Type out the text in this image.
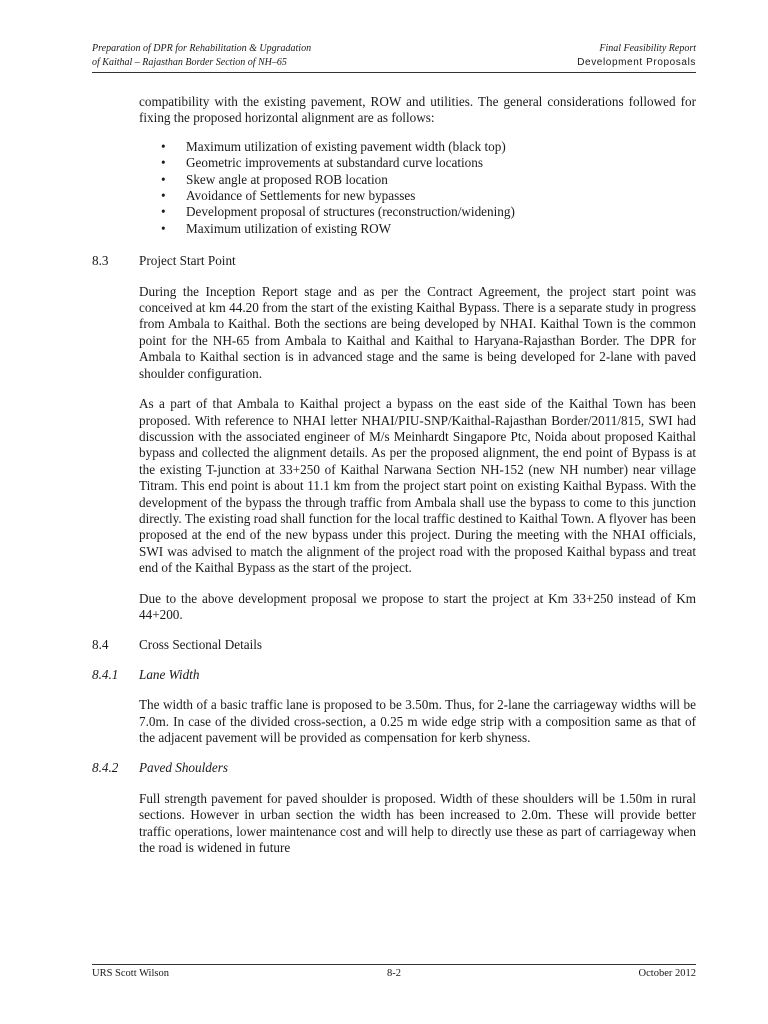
Preparation of DPR for Rehabilitation & Upgradation
of Kaithal – Rajasthan Border Section of NH–65
Final Feasibility Report
Development Proposals

compatibility with the existing pavement, ROW and utilities. The general considerations followed for fixing the proposed horizontal alignment are as follows:

• Maximum utilization of existing pavement width (black top)
• Geometric improvements at substandard curve locations
• Skew angle at proposed ROB location
• Avoidance of Settlements for new bypasses
• Development proposal of structures (reconstruction/widening)
• Maximum utilization of existing ROW
8.3	Project Start Point

During the Inception Report stage and as per the Contract Agreement, the project start point was conceived at km 44.20 from the start of the existing Kaithal Bypass. There is a separate study in progress from Ambala to Kaithal. Both the sections are being developed by NHAI. Kaithal Town is the common point for the NH-65 from Ambala to Kaithal and Kaithal to Haryana-Rajasthan Border. The DPR for Ambala to Kaithal section is in advanced stage and the same is being developed for 2-lane with paved shoulder configuration.

As a part of that Ambala to Kaithal project a bypass on the east side of the Kaithal Town has been proposed. With reference to NHAI letter NHAI/PIU-SNP/Kaithal-Rajasthan Border/2011/815, SWI had discussion with the associated engineer of M/s Meinhardt Singapore Ptc, Noida about proposed Kaithal bypass and collected the alignment details. As per the proposed alignment, the end point of Bypass is at the existing T-junction at 33+250 of Kaithal Narwana Section NH-152 (new NH number) near village Titram. This end point is about 11.1 km from the project start point on existing Kaithal Bypass. With the development of the bypass the through traffic from Ambala shall use the bypass to come to this junction directly. The existing road shall function for the local traffic destined to Kaithal Town. A flyover has been proposed at the end of the new bypass under this project. During the meeting with the NHAI officials, SWI was advised to match the alignment of the project road with the proposed Kaithal bypass and treat end of the Kaithal Bypass as the start of the project.

Due to the above development proposal we propose to start the project at Km 33+250 instead of Km 44+200.

8.4	Cross Sectional Details
8.4.1	Lane Width

The width of a basic traffic lane is proposed to be 3.50m. Thus, for 2-lane the carriageway widths will be 7.0m. In case of the divided cross-section, a 0.25 m wide edge strip with a composition same as that of the adjacent pavement will be provided as compensation for kerb shyness.

8.4.2	Paved Shoulders

Full strength pavement for paved shoulder is proposed. Width of these shoulders will be 1.50m in rural sections. However in urban section the width has been increased to 2.0m. These will provide better traffic operations, lower maintenance cost and will help to directly use these as part of carriageway when the road is widened in future

URS Scott Wilson	8-2	October 2012
